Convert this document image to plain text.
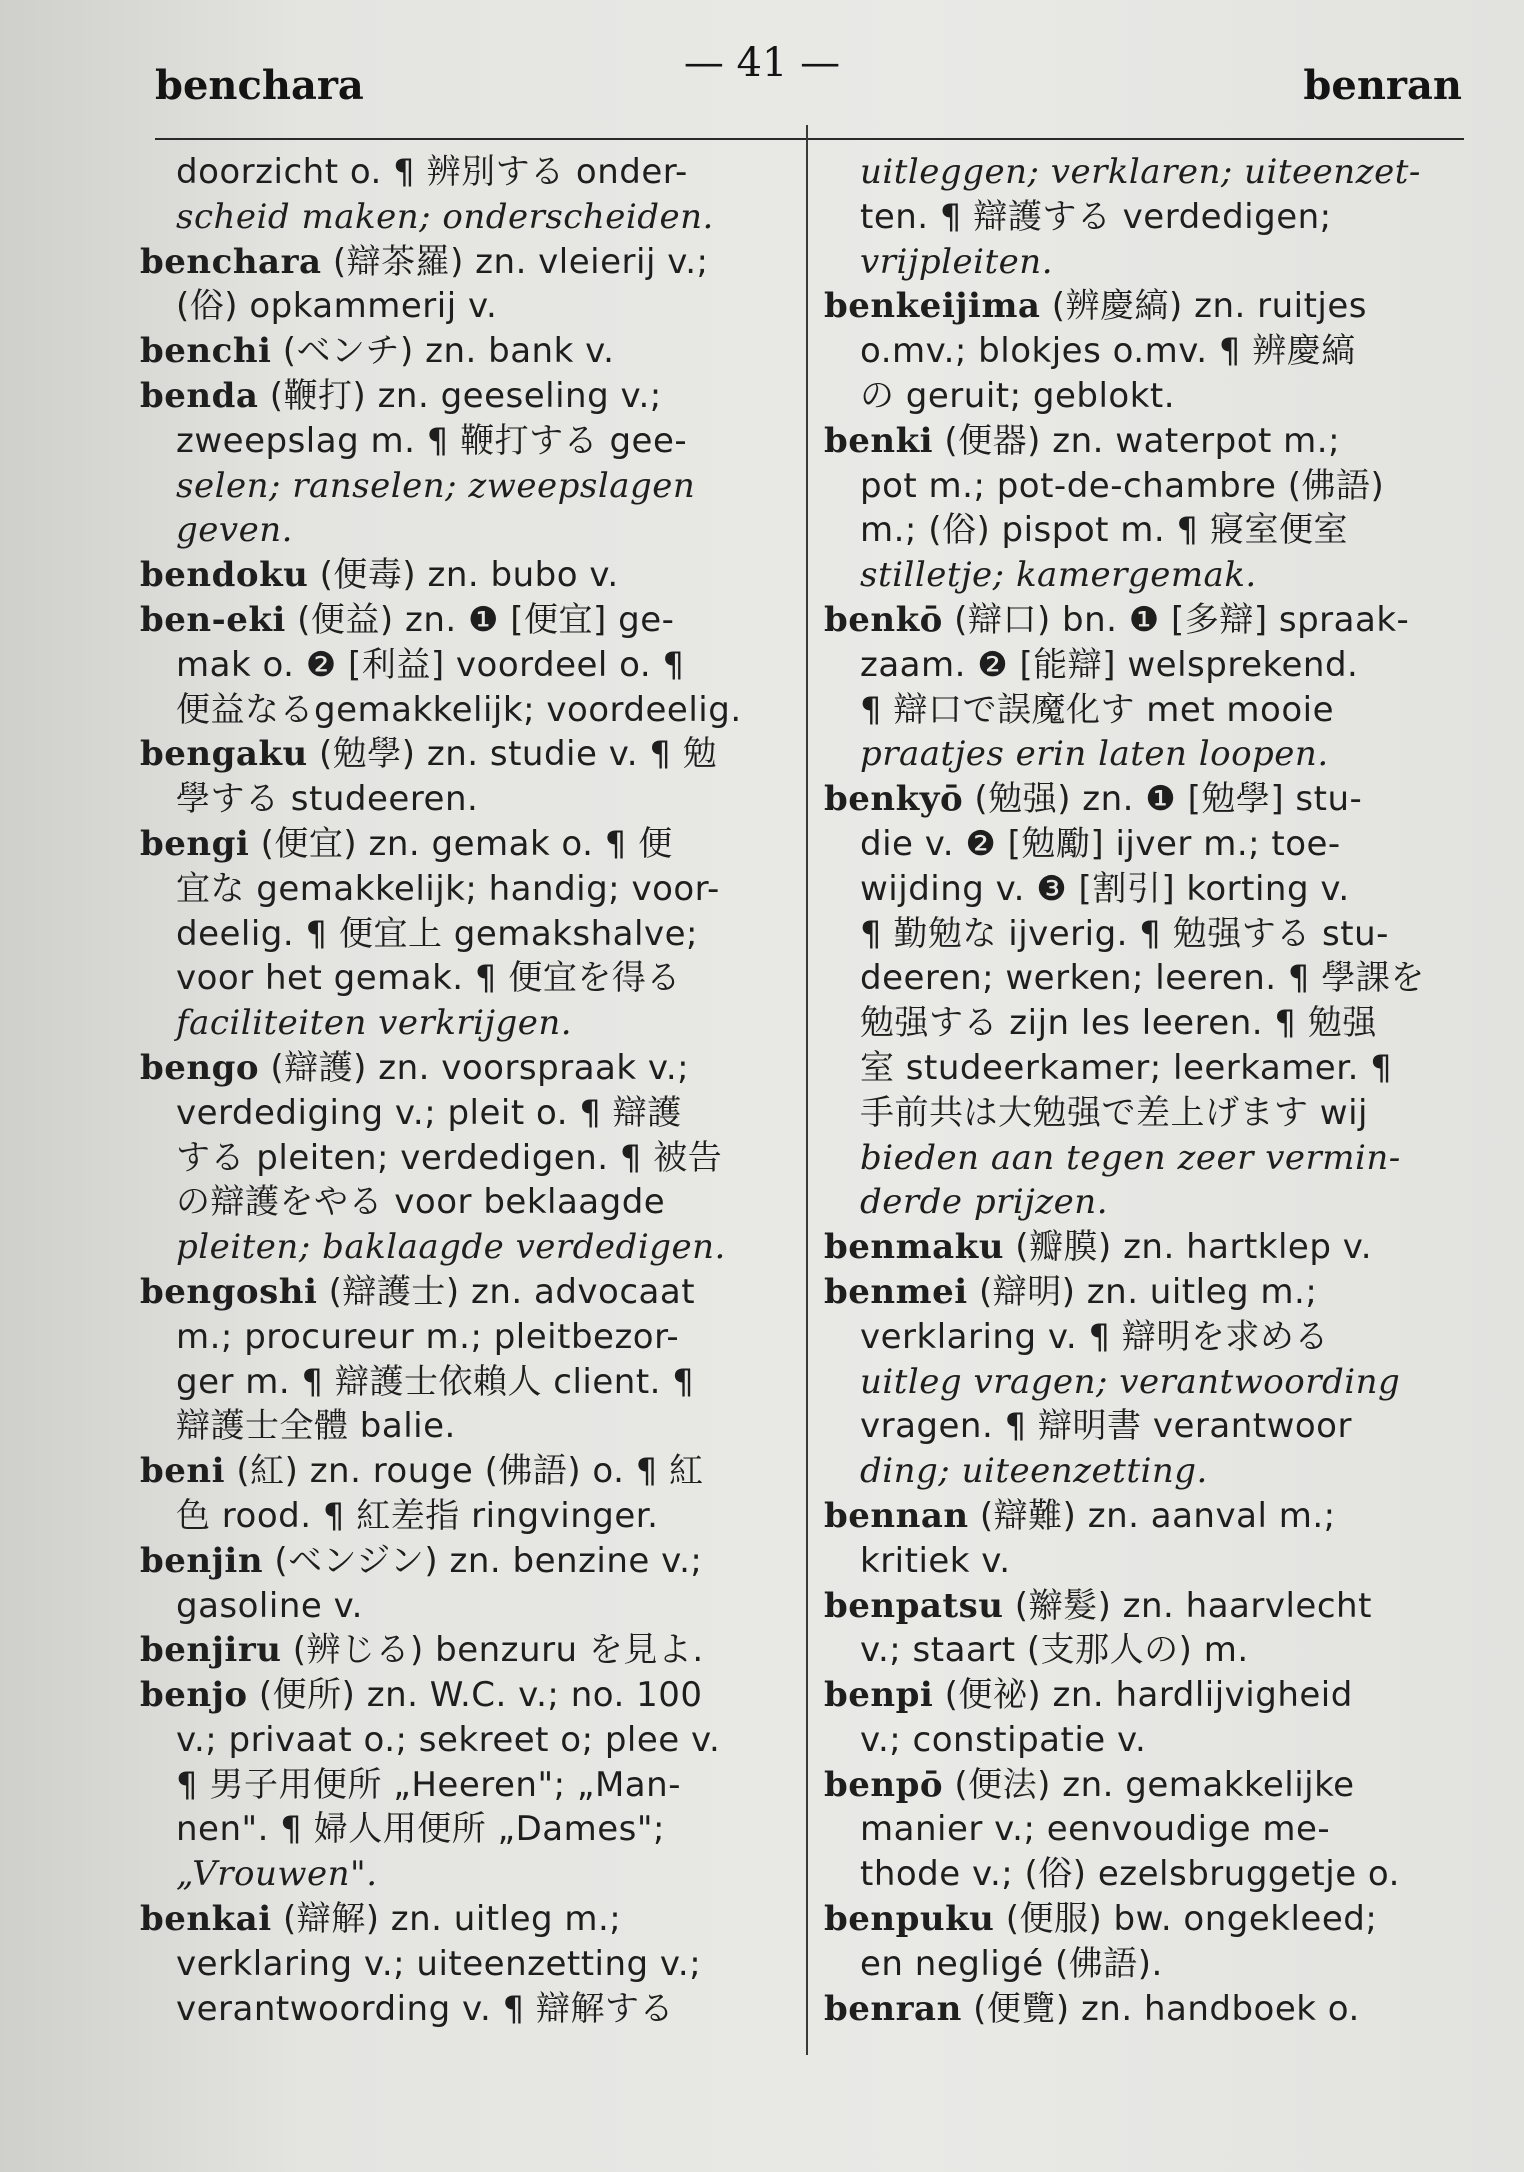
benchara	— 41 —	benran
doorzicht o. ¶ 辨別する onder-
scheid maken; onderscheiden.
benchara (辯茶羅) zn. vleierij v.;
(俗) opkammerij v.
benchi (ベンチ) zn. bank v.
benda (鞭打) zn. geeseling v.;
zweepslag m. ¶ 鞭打する gee-
selen; ranselen; zweepslagen
geven.
bendoku (便毒) zn. bubo v.
ben-eki (便益) zn. ❶ [便宜] ge-
mak o. ❷ [利益] voordeel o. ¶
便益なるgemakkelijk; voordeelig.
bengaku (勉學) zn. studie v. ¶ 勉
學する studeeren.
bengi (便宜) zn. gemak o. ¶ 便
宜な gemakkelijk; handig; voor-
deelig. ¶ 便宜上 gemakshalve;
voor het gemak. ¶ 便宜を得る
faciliteiten verkrijgen.
bengo (辯護) zn. voorspraak v.;
verdediging v.; pleit o. ¶ 辯護
する pleiten; verdedigen. ¶ 被告
の辯護をやる voor beklaagde
pleiten; baklaagde verdedigen.
bengoshi (辯護士) zn. advocaat
m.; procureur m.; pleitbezor-
ger m. ¶ 辯護士依賴人 client. ¶
辯護士全體 balie.
beni (紅) zn. rouge (佛語) o. ¶ 紅
色 rood. ¶ 紅差指 ringvinger.
benjin (ベンジン) zn. benzine v.;
gasoline v.
benjiru (辨じる) benzuru を見よ.
benjo (便所) zn. W.C. v.; no. 100
v.; privaat o.; sekreet o; plee v.
¶ 男子用便所 „Heeren"; „Man-
nen". ¶ 婦人用便所 „Dames";
„Vrouwen".
benkai (辯解) zn. uitleg m.;
verklaring v.; uiteenzetting v.;
verantwoording v. ¶ 辯解する
uitleggen; verklaren; uiteenzet-
ten. ¶ 辯護する verdedigen;
vrijpleiten.
benkeijima (辨慶縞) zn. ruitjes
o.mv.; blokjes o.mv. ¶ 辨慶縞
の geruit; geblokt.
benki (便器) zn. waterpot m.;
pot m.; pot-de-chambre (佛語)
m.; (俗) pispot m. ¶ 寢室便室
stilletje; kamergemak.
benkō (辯口) bn. ❶ [多辯] spraak-
zaam. ❷ [能辯] welsprekend.
¶ 辯口で誤魔化す met mooie
praatjes erin laten loopen.
benkyō (勉强) zn. ❶ [勉學] stu-
die v. ❷ [勉勵] ijver m.; toe-
wijding v. ❸ [割引] korting v.
¶ 勤勉な ijverig. ¶ 勉强する stu-
deeren; werken; leeren. ¶ 學課を
勉强する zijn les leeren. ¶ 勉强
室 studeerkamer; leerkamer. ¶
手前共は大勉强で差上げます wij
bieden aan tegen zeer vermin-
derde prijzen.
benmaku (瓣膜) zn. hartklep v.
benmei (辯明) zn. uitleg m.;
verklaring v. ¶ 辯明を求める
uitleg vragen; verantwoording
vragen. ¶ 辯明書 verantwoor
ding; uiteenzetting.
bennan (辯難) zn. aanval m.;
kritiek v.
benpatsu (辮髮) zn. haarvlecht
v.; staart (支那人の) m.
benpi (便祕) zn. hardlijvigheid
v.; constipatie v.
benpō (便法) zn. gemakkelijke
manier v.; eenvoudige me-
thode v.; (俗) ezelsbruggetje o.
benpuku (便服) bw. ongekleed;
en negligé (佛語).
benran (便覽) zn. handboek o.
